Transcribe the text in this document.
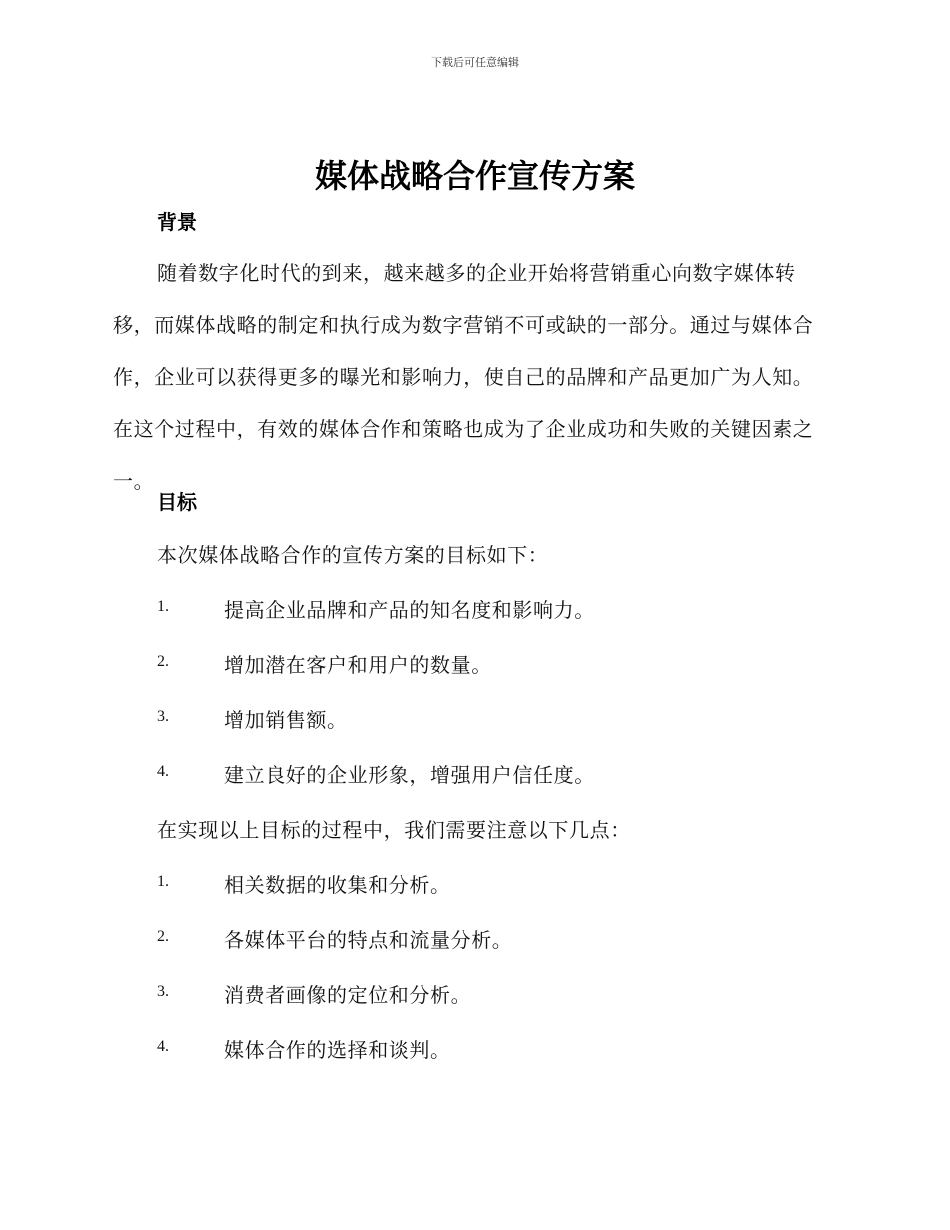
下载后可任意编辑
媒体战略合作宣传方案
背景
随着数字化时代的到来，越来越多的企业开始将营销重心向数字媒体转移，而媒体战略的制定和执行成为数字营销不可或缺的一部分。通过与媒体合作，企业可以获得更多的曝光和影响力，使自己的品牌和产品更加广为人知。在这个过程中，有效的媒体合作和策略也成为了企业成功和失败的关键因素之一。
目标
本次媒体战略合作的宣传方案的目标如下：
1.	提高企业品牌和产品的知名度和影响力。
2.	增加潜在客户和用户的数量。
3.	增加销售额。
4.	建立良好的企业形象，增强用户信任度。
在实现以上目标的过程中，我们需要注意以下几点：
1.	相关数据的收集和分析。
2.	各媒体平台的特点和流量分析。
3.	消费者画像的定位和分析。
4.	媒体合作的选择和谈判。
